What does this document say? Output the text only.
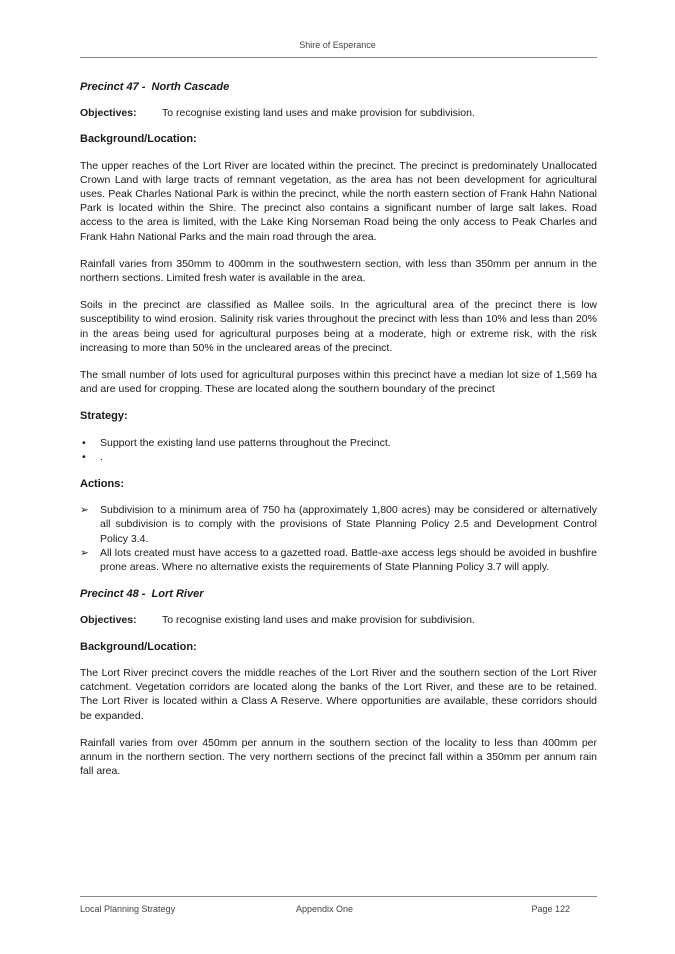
Shire of Esperance
Precinct 47 - North Cascade
Objectives: To recognise existing land uses and make provision for subdivision.
Background/Location:

The upper reaches of the Lort River are located within the precinct. The precinct is predominately Unallocated Crown Land with large tracts of remnant vegetation, as the area has not been development for agricultural uses. Peak Charles National Park is within the precinct, while the north eastern section of Frank Hahn National Park is located within the Shire. The precinct also contains a significant number of large salt lakes. Road access to the area is limited, with the Lake King Norseman Road being the only access to Peak Charles and Frank Hahn National Parks and the main road through the area.

Rainfall varies from 350mm to 400mm in the southwestern section, with less than 350mm per annum in the northern sections. Limited fresh water is available in the area.

Soils in the precinct are classified as Mallee soils. In the agricultural area of the precinct there is low susceptibility to wind erosion. Salinity risk varies throughout the precinct with less than 10% and less than 20% in the areas being used for agricultural purposes being at a moderate, high or extreme risk, with the risk increasing to more than 50% in the uncleared areas of the precinct.

The small number of lots used for agricultural purposes within this precinct have a median lot size of 1,569 ha and are used for cropping. These are located along the southern boundary of the precinct

Strategy:
• Support the existing land use patterns throughout the Precinct.
• .
Actions:
➢ Subdivision to a minimum area of 750 ha (approximately 1,800 acres) may be considered or alternatively all subdivision is to comply with the provisions of State Planning Policy 2.5 and Development Control Policy 3.4.
➢ All lots created must have access to a gazetted road. Battle-axe access legs should be avoided in bushfire prone areas. Where no alternative exists the requirements of State Planning Policy 3.7 will apply.
Precinct 48 - Lort River
Objectives: To recognise existing land uses and make provision for subdivision.
Background/Location:

The Lort River precinct covers the middle reaches of the Lort River and the southern section of the Lort River catchment. Vegetation corridors are located along the banks of the Lort River, and these are to be retained. The Lort River is located within a Class A Reserve. Where opportunities are available, these corridors should be expanded.

Rainfall varies from over 450mm per annum in the southern section of the locality to less than 400mm per annum in the northern section. The very northern sections of the precinct fall within a 350mm per annum rain fall area.

Local Planning Strategy	Appendix One	Page 122
